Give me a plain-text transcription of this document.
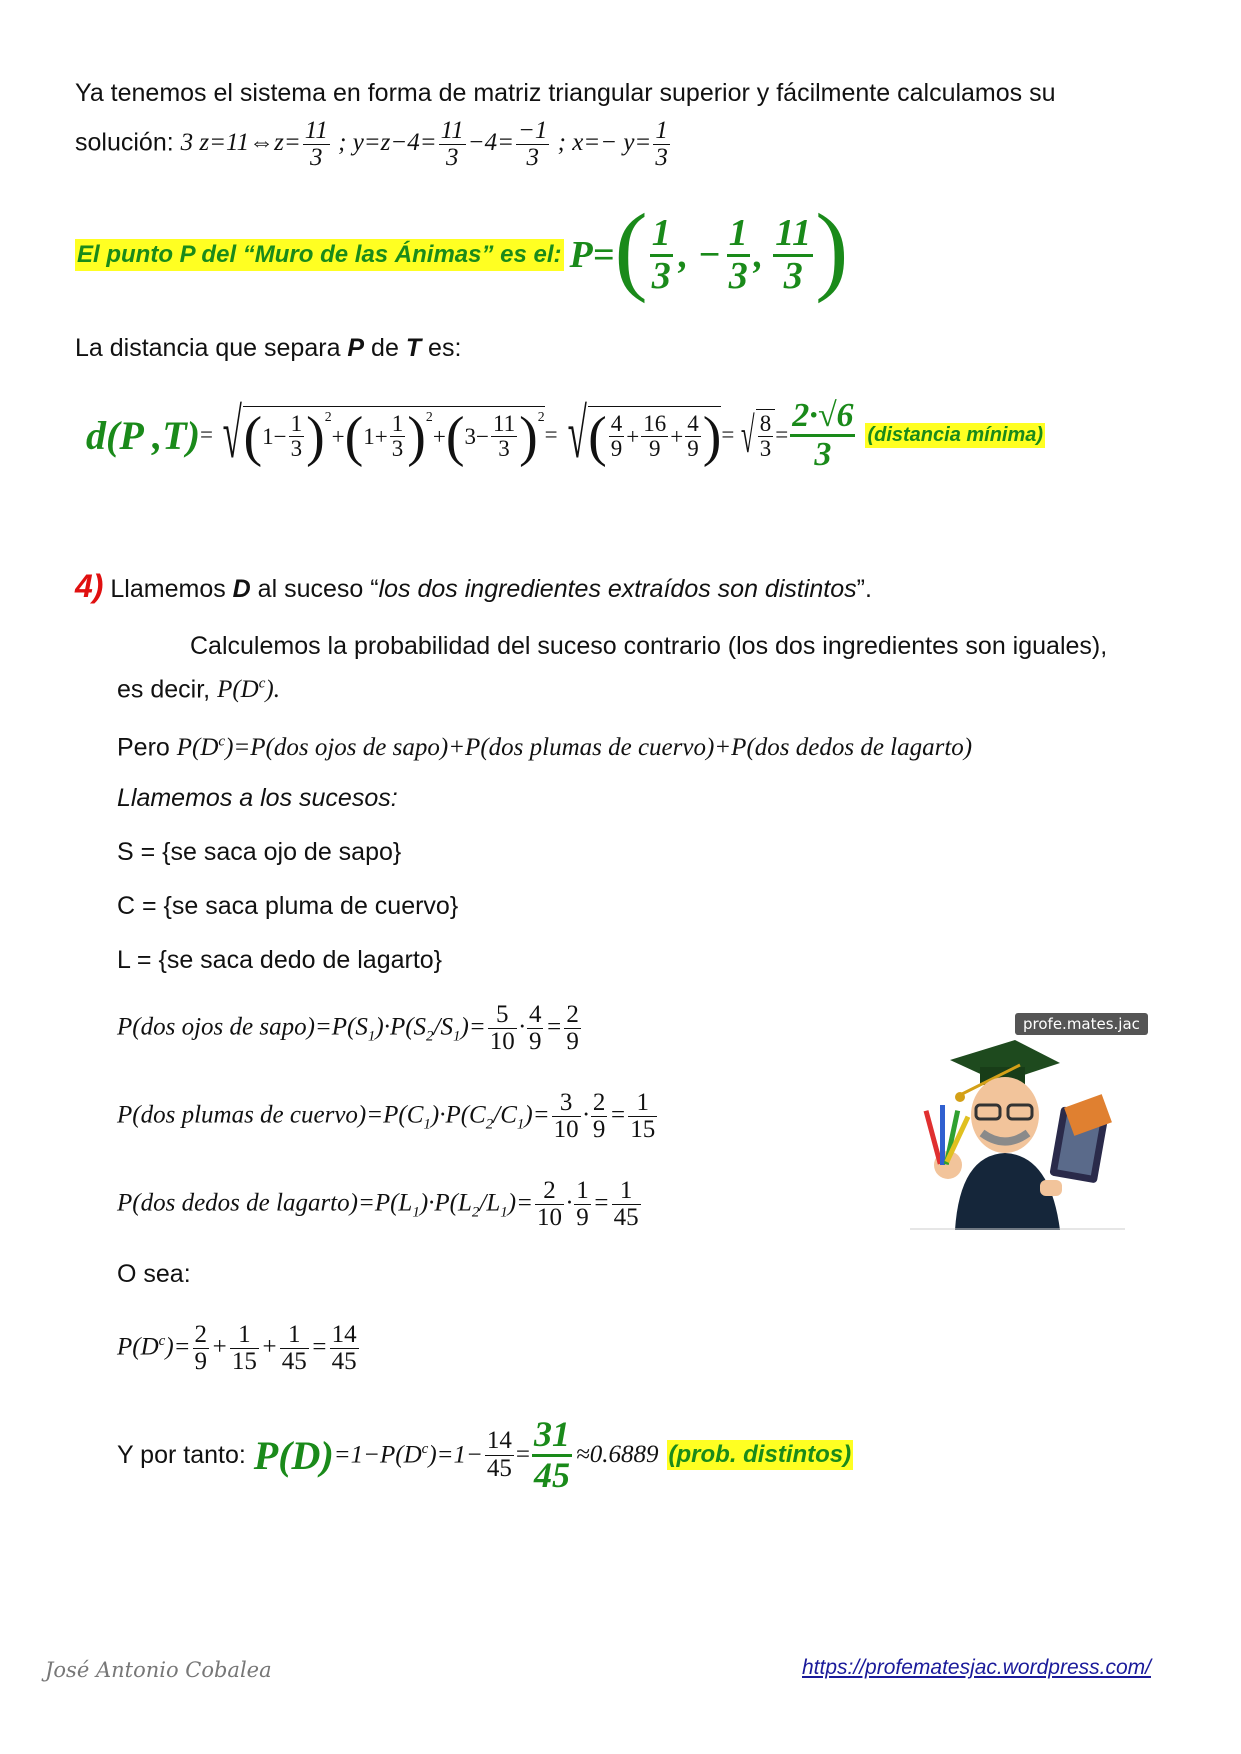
Ya tenemos el sistema en forma de matriz triangular superior y fácilmente calculamos su
solución: 3 z=11⇔z= $\frac{11}{3}$ ; $y=z-4= \frac{11}{3} -4= \frac{-1}{3}$ ; $x=- y= \frac{1}{3}$
El punto P del “Muro de las Ánimas” es el: P= ( $\frac{1}{3}$ , − $\frac{1}{3}$ , $\frac{11}{3}$ )
La distancia que separa P de T es:
d(P ,T) = √ ( $1- \frac{1}{3} )^2$
+ ( $1+ \frac{1}{3} )^2$
+ ( $3- \frac{11}{3} )^2$
= √ ( $\frac{4}{9} + \frac{16}{9} + \frac{4}{9}$ ) = √ $\frac{8}{3} = \frac{2\cdot√6}{3}$ (distancia mínima)
4) Llamemos D al suceso “los dos ingredientes extraídos son distintos”.
Calculemos la probabilidad del suceso contrario (los dos ingredientes son iguales),
es decir, $P(D^c)$.
Pero $P(D^c)=P(dos$ ojos de sapo)+P(dos plumas de cuervo)+P(dos dedos de lagarto)
Llamemos a los sucesos:
S = {se saca ojo de sapo}
C = {se saca pluma de cuervo}
L = {se saca dedo de lagarto}
P(dos ojos de $sapo)=P(S_1)\cdot P(S_2/S_1)= \frac{5}{10} \cdot \frac{4}{9} = \frac{2}{9}$
P(dos plumas de $cuervo)=P(C_1)\cdot P(C_2/C_1)= \frac{3}{10} \cdot \frac{2}{9} = \frac{1}{15}$
P(dos dedos de $lagarto)=P(L_1)\cdot P(L_2/L_1)= \frac{2}{10} \cdot \frac{1}{9} = \frac{1}{45}$
profe.mates.jac
O sea:
$P(D^c)= \frac{2}{9} + \frac{1}{15} + \frac{1}{45} = \frac{14}{45}$
Y por tanto: $P(D) =1-P(D^c)=1- \frac{14}{45} = \frac{31}{45} \approx 0.6889$ (prob. distintos)
José Antonio Cobalea	https://profematesjac.wordpress.com/
